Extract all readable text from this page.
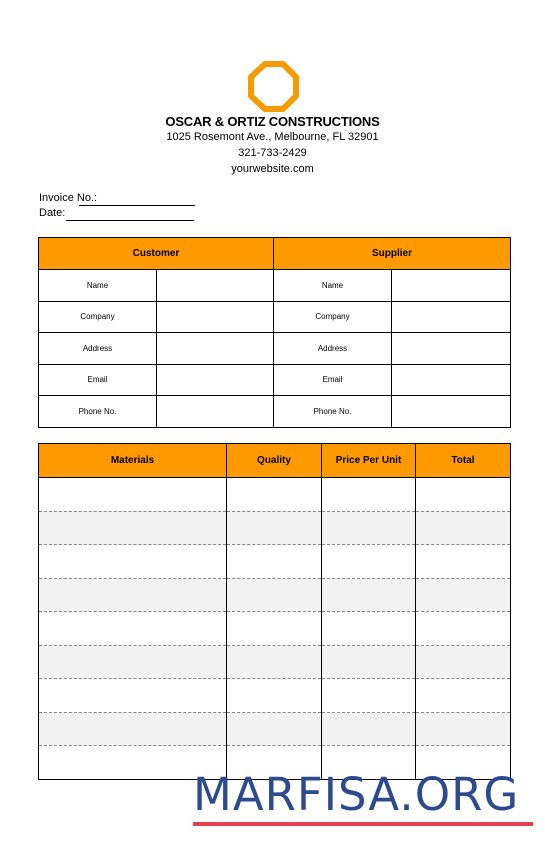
OSCAR & ORTIZ CONSTRUCTIONS
1025 Rosemont Ave., Melbourne, FL 32901
321-733-2429
yourwebsite.com
Invoice No.:
Date:
Customer		Supplier	
Name		Name	
Company		Company	
Address		Address	
Email		Email	
Phone No.		Phone No.	
Materials	Quality	Price Per Unit	Total

MARFISA.ORG
